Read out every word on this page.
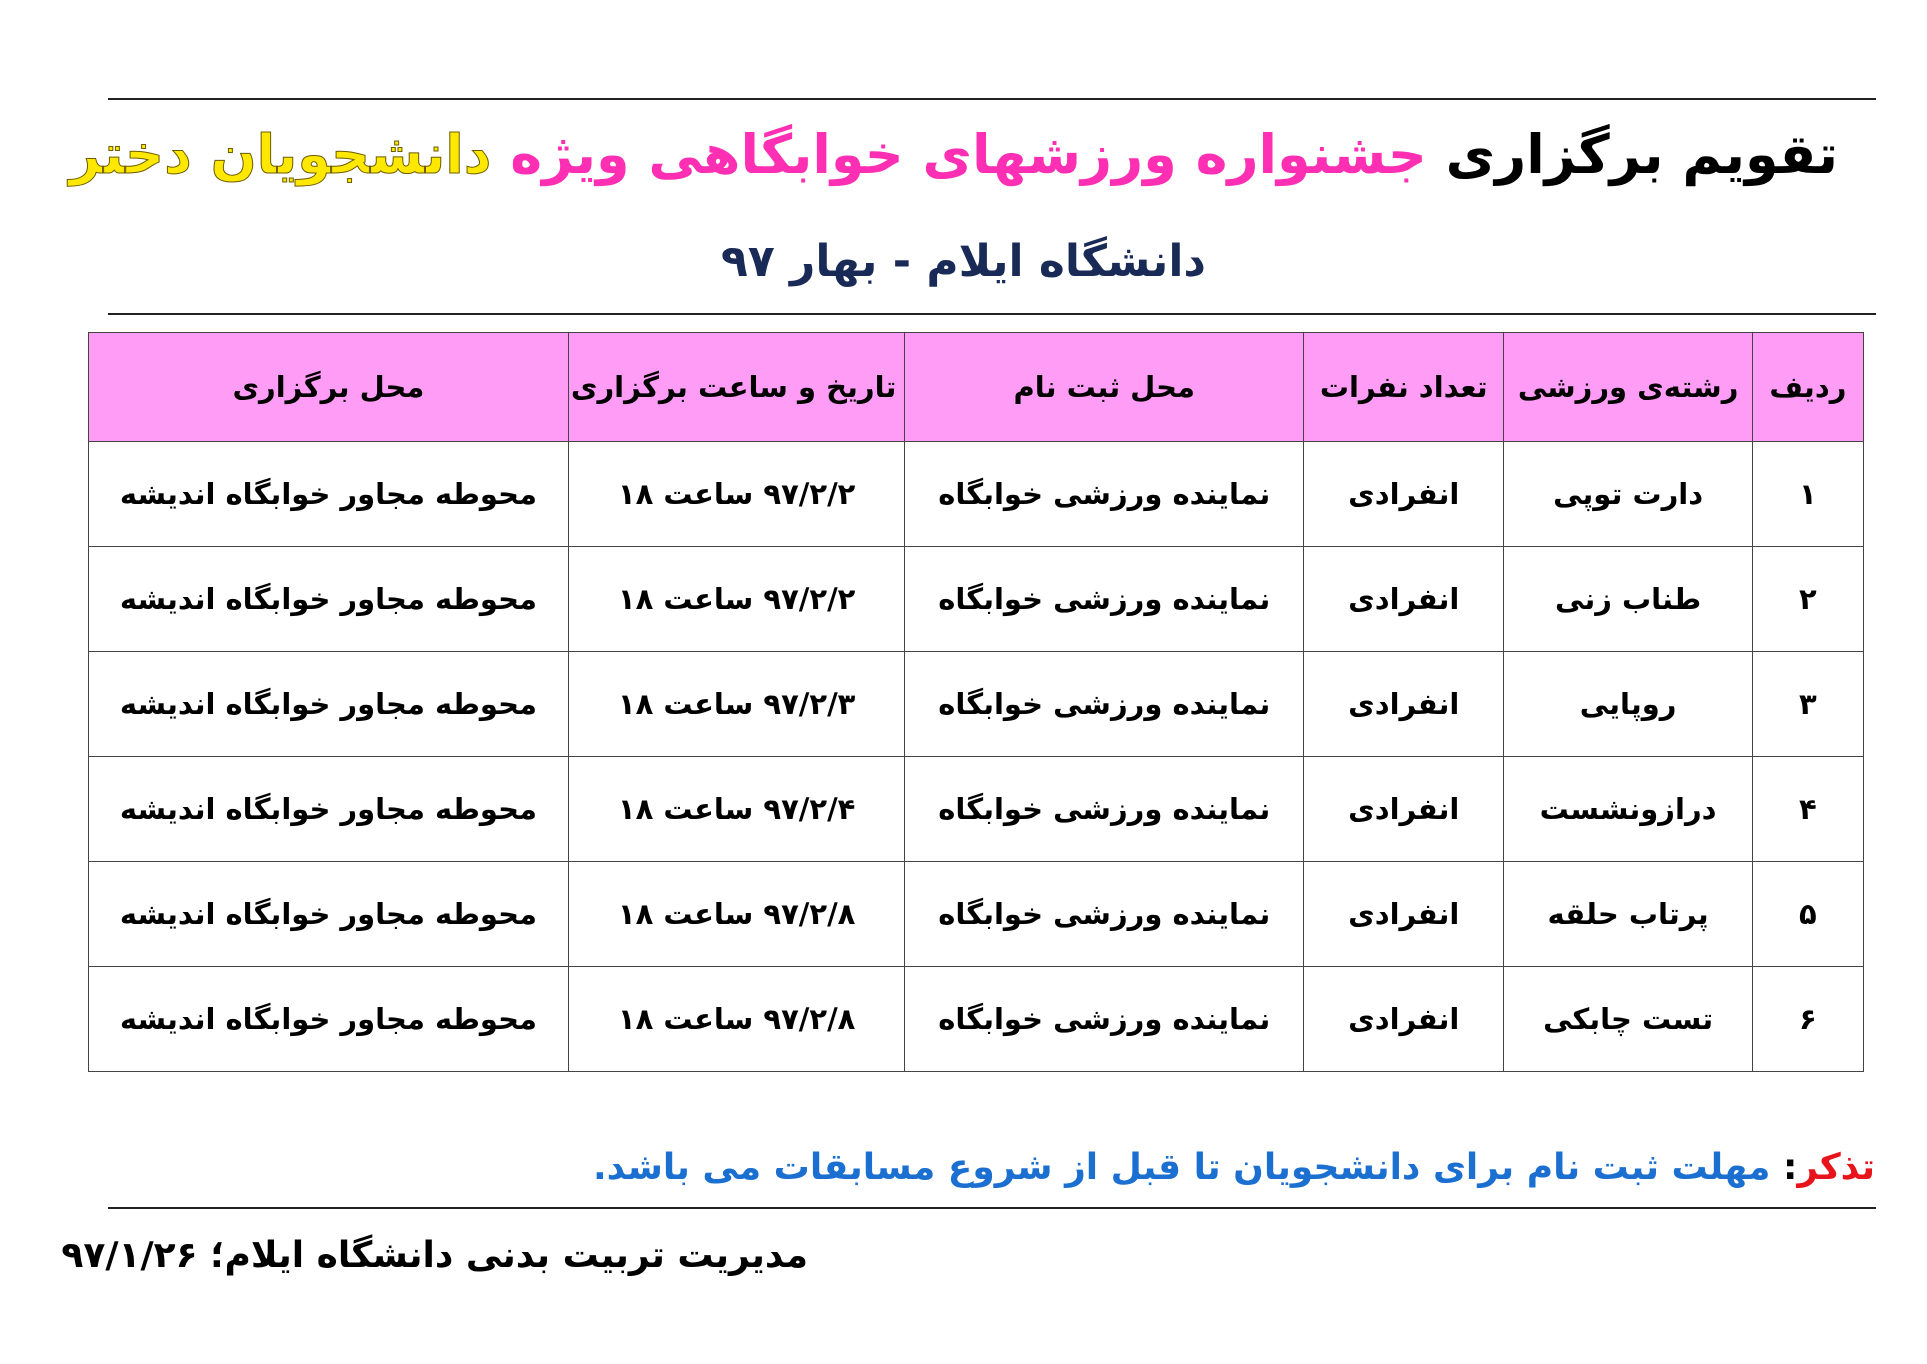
تقویم برگزاری جشنواره ورزشهای خوابگاهی ویژه دانشجویان دختر
دانشگاه ایلام - بهار ۹۷
ردیف	رشته‌ی ورزشی	تعداد نفرات	محل ثبت نام	تاریخ و ساعت برگزاری	محل برگزاری
۱	دارت توپی	انفرادی	نماینده ورزشی خوابگاه	۹۷/۲/۲ ساعت ۱۸	محوطه مجاور خوابگاه اندیشه
۲	طناب زنی	انفرادی	نماینده ورزشی خوابگاه	۹۷/۲/۲ ساعت ۱۸	محوطه مجاور خوابگاه اندیشه
۳	روپایی	انفرادی	نماینده ورزشی خوابگاه	۹۷/۲/۳ ساعت ۱۸	محوطه مجاور خوابگاه اندیشه
۴	درازونشست	انفرادی	نماینده ورزشی خوابگاه	۹۷/۲/۴ ساعت ۱۸	محوطه مجاور خوابگاه اندیشه
۵	پرتاب حلقه	انفرادی	نماینده ورزشی خوابگاه	۹۷/۲/۸ ساعت ۱۸	محوطه مجاور خوابگاه اندیشه
۶	تست چابکی	انفرادی	نماینده ورزشی خوابگاه	۹۷/۲/۸ ساعت ۱۸	محوطه مجاور خوابگاه اندیشه
تذکر: مهلت ثبت نام برای دانشجویان تا قبل از شروع مسابقات می باشد.
مدیریت تربیت بدنی دانشگاه ایلام؛ ۹۷/۱/۲۶
